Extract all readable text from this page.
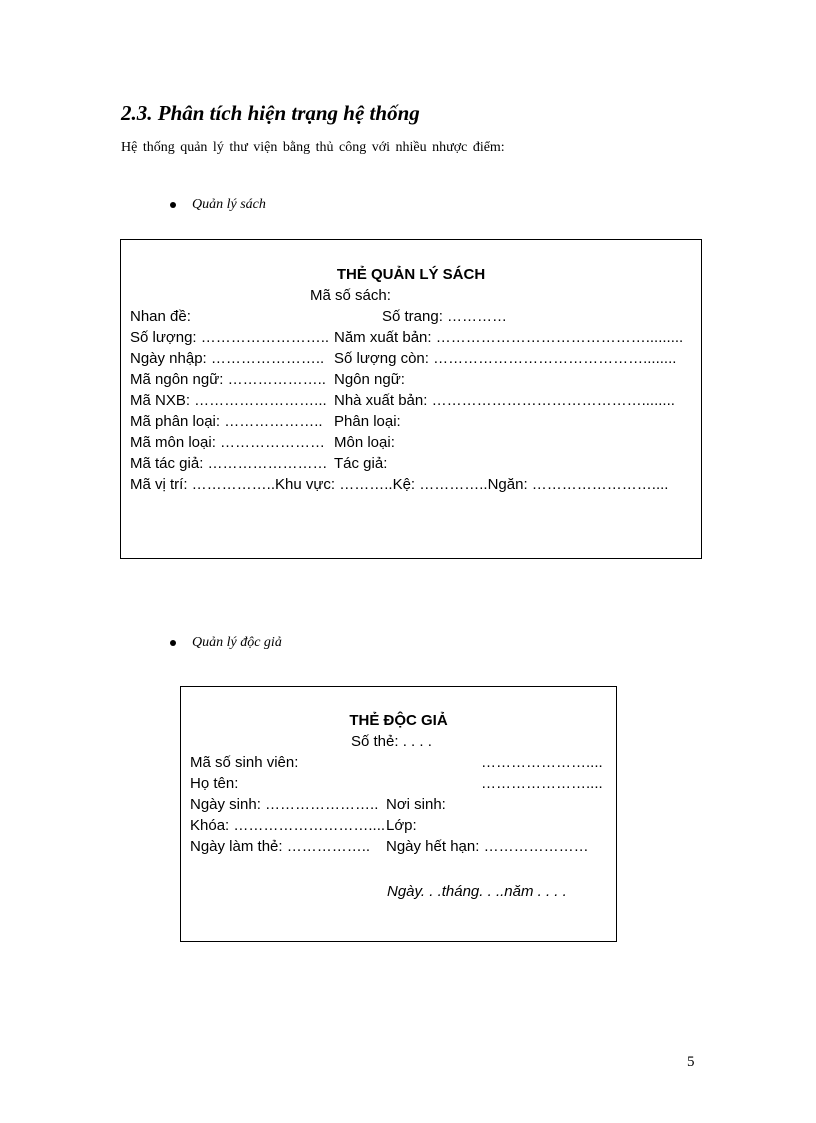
2.3. Phân tích hiện trạng hệ thống
Hệ thống quản lý thư viện bằng thủ công với nhiều nhược điểm:
Quản lý sách
THẺ QUẢN LÝ SÁCH
Mã số sách:
Nhan đề:	Số trang: …………
Số lượng: …………………….. Năm xuất bản: …………………………………….........
Ngày nhập: ………………….. Số lượng còn: ……………………………………........
Mã ngôn ngữ: ……………….. Ngôn ngữ:
Mã NXB: ……………………... Nhà xuất bản: ……………………………………........
Mã phân loại: ……………….. Phân loại:
Mã môn loại: ………………… Môn loại:
Mã tác giả: …………………… Tác giả:
Mã vị trí: ……………..Khu vực: ………..Kệ: …………..Ngăn: ……………………....
Quản lý độc giả
THẺ ĐỘC GIẢ
Số thẻ: . . . .
Mã số sinh viên:	…………………....
Họ tên:	…………………....
Ngày sinh: ………………….. Nơi sinh:
Khóa: ……………………….... Lớp:
Ngày làm thẻ: …………….. Ngày hết hạn: …………………
Ngày. . .tháng. . ..năm . . . .
5
